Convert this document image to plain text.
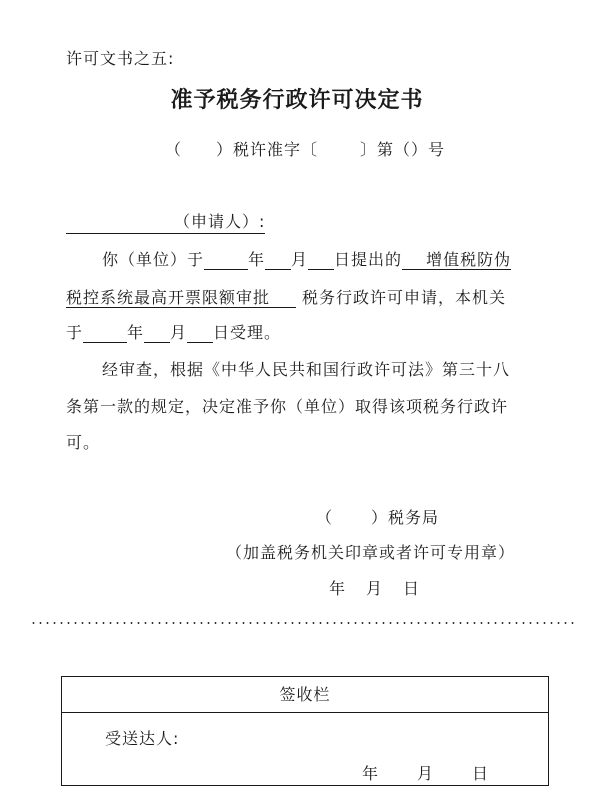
许可文书之五:
准予税务行政许可决定书
（ ）税许准字〔	〕第（）号
（申请人）:
你（单位）于	年 月 日提出的 增值税防伪
税控系统最高开票限额审批 税务行政许可申请，本机关
于	年 月 日受理。
经审查，根据《中华人民共和国行政许可法》第三十八
条第一款的规定，决定准予你（单位）取得该项税务行政许
可。
（ ）税务局
（加盖税务机关印章或者许可专用章）
年 月 日
签收栏
受送达人:
年 月 日
